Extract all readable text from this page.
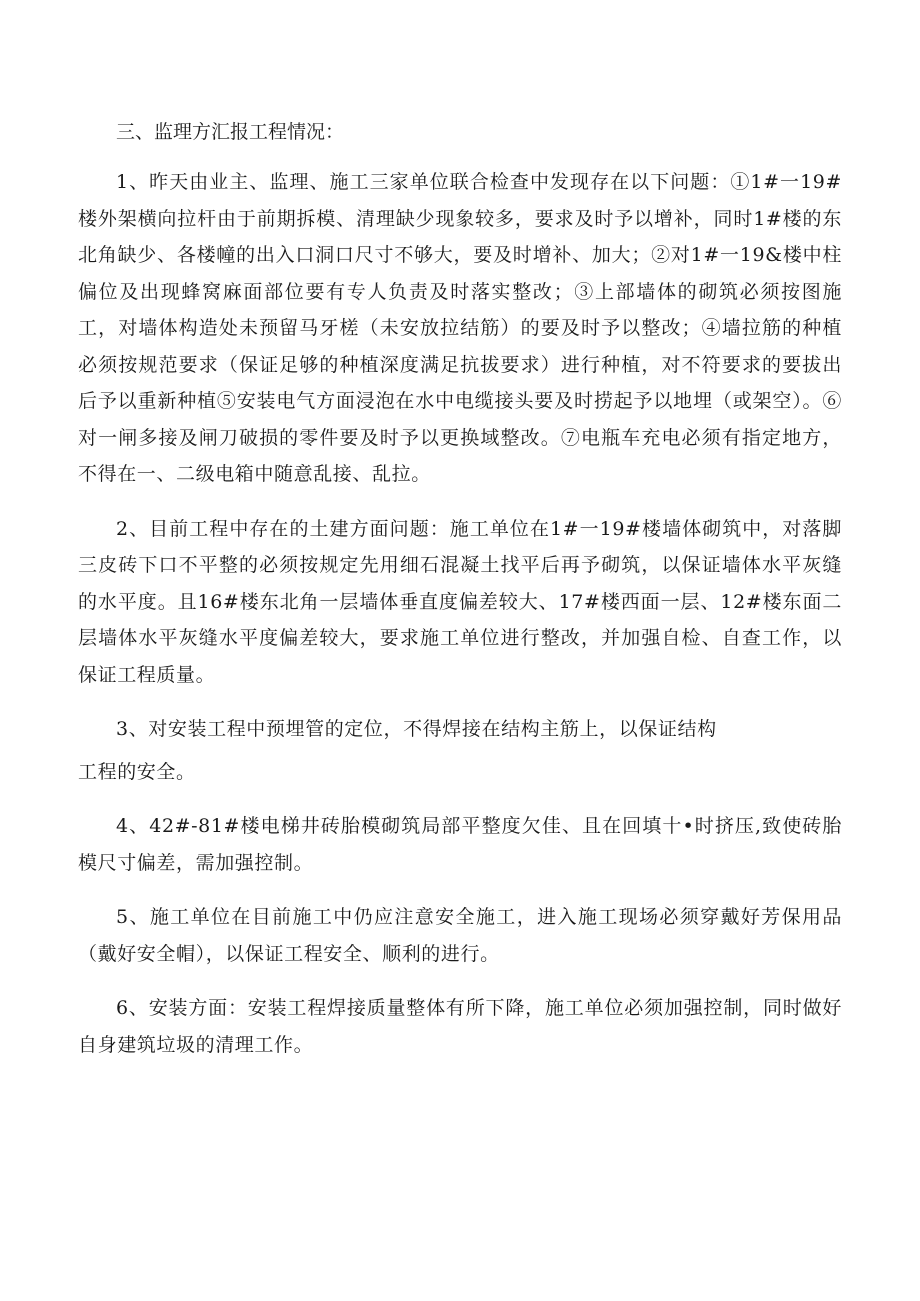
三、监理方汇报工程情况：

1、昨天由业主、监理、施工三家单位联合检查中发现存在以下问题：①1#一19#楼外架横向拉杆由于前期拆模、清理缺少现象较多，要求及时予以增补，同时1#楼的东北角缺少、各楼幢的出入口洞口尺寸不够大，要及时增补、加大；②对1#一19&楼中柱偏位及出现蜂窝麻面部位要有专人负责及时落实整改；③上部墙体的砌筑必须按图施工，对墙体构造处未预留马牙槎（未安放拉结筋）的要及时予以整改；④墙拉筋的种植必须按规范要求（保证足够的种植深度满足抗拔要求）进行种植，对不符要求的要拔出后予以重新种植⑤安装电气方面浸泡在水中电缆接头要及时捞起予以地埋（或架空）。⑥对一闸多接及闸刀破损的零件要及时予以更换域整改。⑦电瓶车充电必须有指定地方，不得在一、二级电箱中随意乱接、乱拉。

2、目前工程中存在的土建方面问题：施工单位在1#一19#楼墙体砌筑中，对落脚三皮砖下口不平整的必须按规定先用细石混凝土找平后再予砌筑，以保证墙体水平灰缝的水平度。且16#楼东北角一层墙体垂直度偏差较大、17#楼西面一层、12#楼东面二层墙体水平灰缝水平度偏差较大，要求施工单位进行整改，并加强自检、自查工作，以保证工程质量。

3、对安装工程中预埋管的定位，不得焊接在结构主筋上，以保证结构

工程的安全。

4、42#-81#楼电梯井砖胎模砌筑局部平整度欠佳、且在回填十•时挤压,致使砖胎模尺寸偏差，需加强控制。

5、施工单位在目前施工中仍应注意安全施工，进入施工现场必须穿戴好芳保用品（戴好安全帽），以保证工程安全、顺利的进行。

6、安装方面：安装工程焊接质量整体有所下降，施工单位必须加强控制，同时做好自身建筑垃圾的清理工作。
